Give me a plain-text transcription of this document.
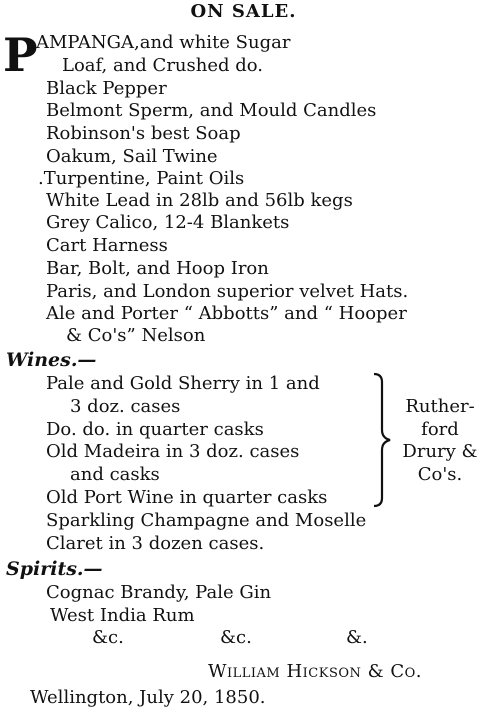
ON SALE.
P
AMPANGA,and white Sugar
Loaf, and Crushed do.
Black Pepper
Belmont Sperm, and Mould Candles
Robinson's best Soap
Oakum, Sail Twine
.Turpentine, Paint Oils
White Lead in 28lb and 56lb kegs
Grey Calico, 12-4 Blankets
Cart Harness
Bar, Bolt, and Hoop Iron
Paris, and London superior velvet Hats.
Ale and Porter “ Abbotts” and “ Hooper
& Co's” Nelson
Wines.—
Pale and Gold Sherry in 1 and
3 doz. cases
Do. do. in quarter casks
Old Madeira in 3 doz. cases
and casks
Old Port Wine in quarter casks
Ruther-
ford
Drury &
Co's.
Sparkling Champagne and Moselle
Claret in 3 dozen cases.
Spirits.—
Cognac Brandy, Pale Gin
West India Rum
&c.	&c.	&.
William Hickson & Co.
Wellington, July 20, 1850.
